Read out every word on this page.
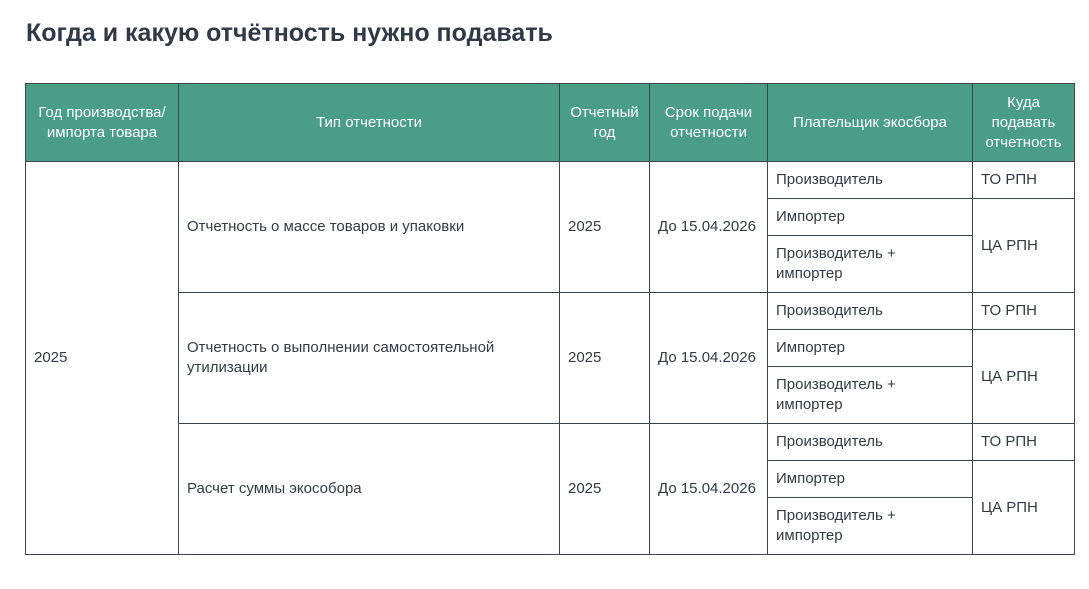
Когда и какую отчётность нужно подавать
Год производства/ импорта товара	Тип отчетности	Отчетный год	Срок подачи отчетности	Плательщик экосбора	Куда подавать отчетность
2025	Отчетность о массе товаров и упаковки	2025	До 15.04.2026	Производитель	ТО РПН
				Импортер	ЦА РПН
				Производитель + импортер	
	Отчетность о выполнении самостоятельной утилизации	2025	До 15.04.2026	Производитель	ТО РПН
				Импортер	ЦА РПН
				Производитель + импортер	
	Расчет суммы экособора	2025	До 15.04.2026	Производитель	ТО РПН
				Импортер	ЦА РПН
				Производитель + импортер	
